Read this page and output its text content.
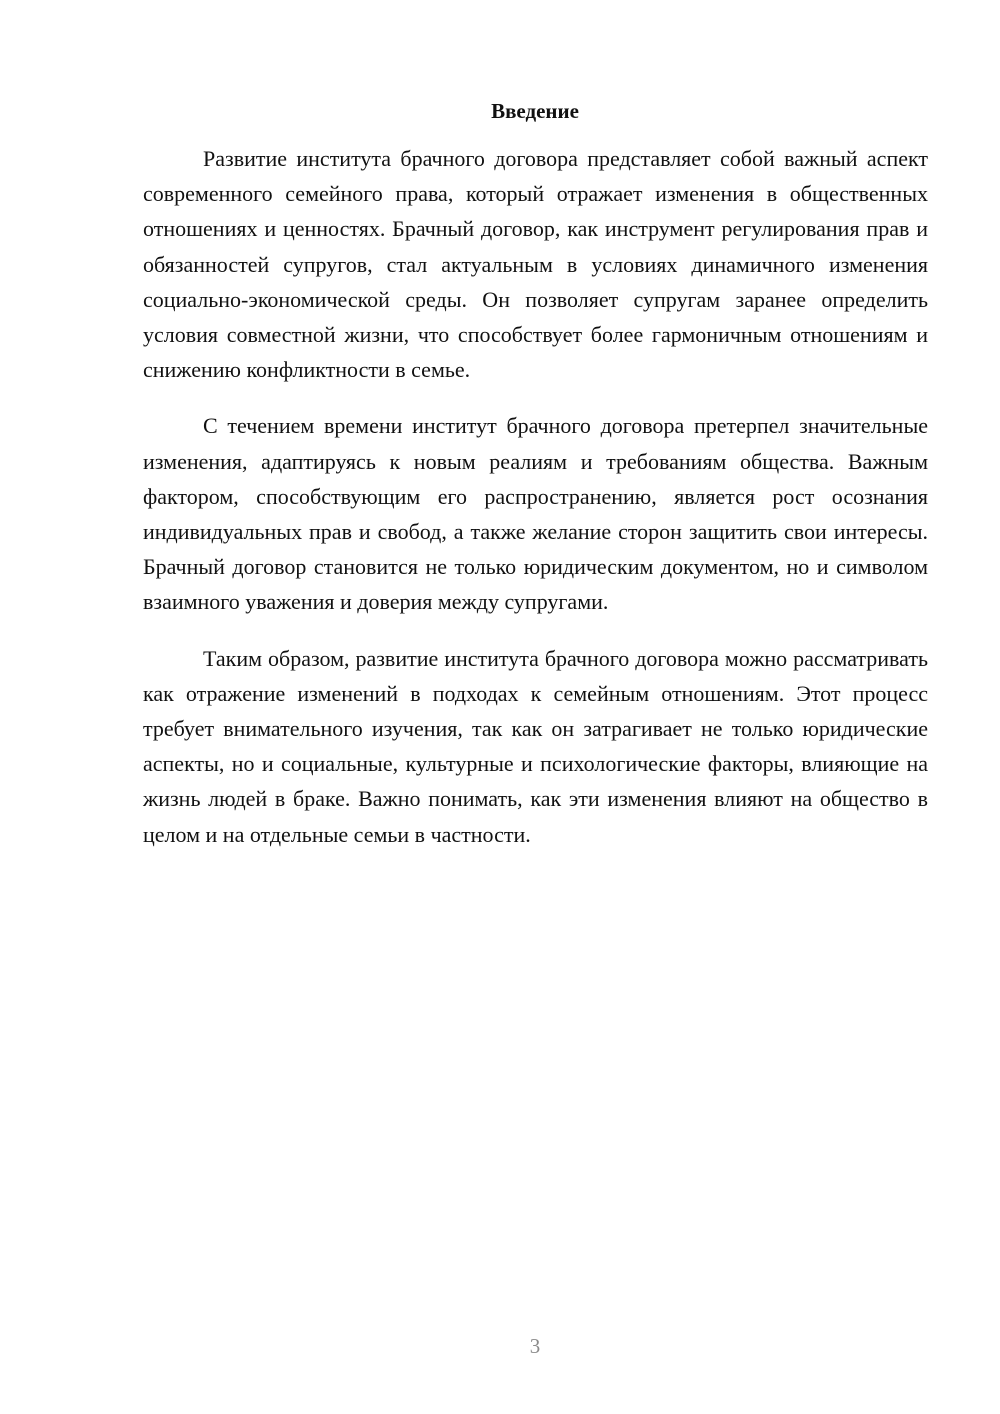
Введение

Развитие института брачного договора представляет собой важный аспект современного семейного права, который отражает изменения в общественных отношениях и ценностях. Брачный договор, как инструмент регулирования прав и обязанностей супругов, стал актуальным в условиях динамичного изменения социально-экономической среды. Он позволяет супругам заранее определить условия совместной жизни, что способствует более гармоничным отношениям и снижению конфликтности в семье.

С течением времени институт брачного договора претерпел значительные изменения, адаптируясь к новым реалиям и требованиям общества. Важным фактором, способствующим его распространению, является рост осознания индивидуальных прав и свобод, а также желание сторон защитить свои интересы. Брачный договор становится не только юридическим документом, но и символом взаимного уважения и доверия между супругами.

Таким образом, развитие института брачного договора можно рассматривать как отражение изменений в подходах к семейным отношениям. Этот процесс требует внимательного изучения, так как он затрагивает не только юридические аспекты, но и социальные, культурные и психологические факторы, влияющие на жизнь людей в браке. Важно понимать, как эти изменения влияют на общество в целом и на отдельные семьи в частности.

3
